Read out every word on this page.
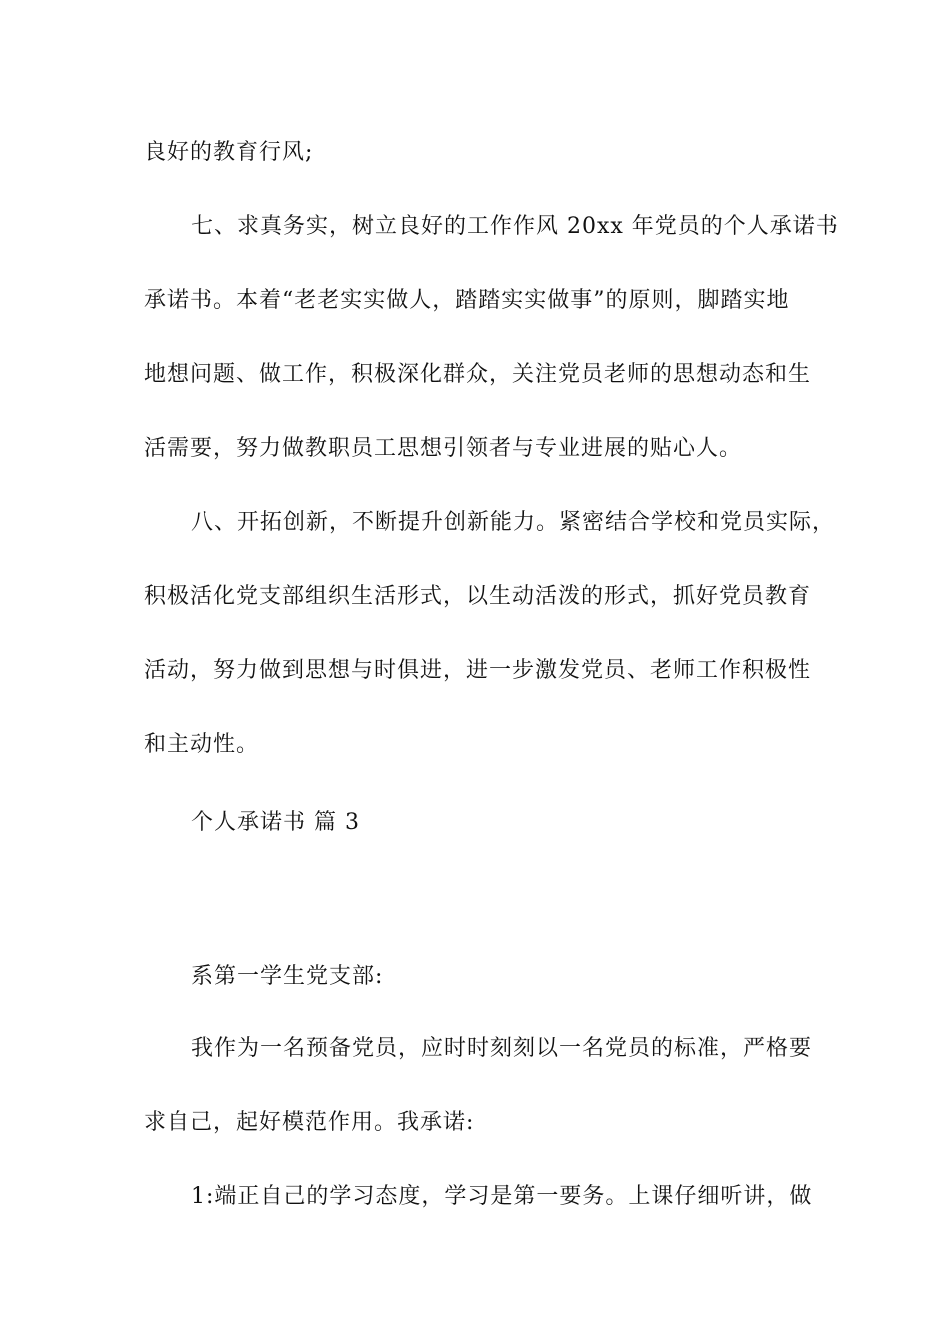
良好的教育行风;
七、求真务实，树立良好的工作作风 20xx 年党员的个人承诺书
承诺书。本着“老老实实做人，踏踏实实做事”的原则，脚踏实地
地想问题、做工作，积极深化群众，关注党员老师的思想动态和生
活需要，努力做教职员工思想引领者与专业进展的贴心人。
八、开拓创新，不断提升创新能力。紧密结合学校和党员实际，
积极活化党支部组织生活形式，以生动活泼的形式，抓好党员教育
活动，努力做到思想与时俱进，进一步激发党员、老师工作积极性
和主动性。
个人承诺书 篇 3
系第一学生党支部:
我作为一名预备党员，应时时刻刻以一名党员的标准，严格要
求自己，起好模范作用。我承诺:
1:端正自己的学习态度，学习是第一要务。上课仔细听讲，做
